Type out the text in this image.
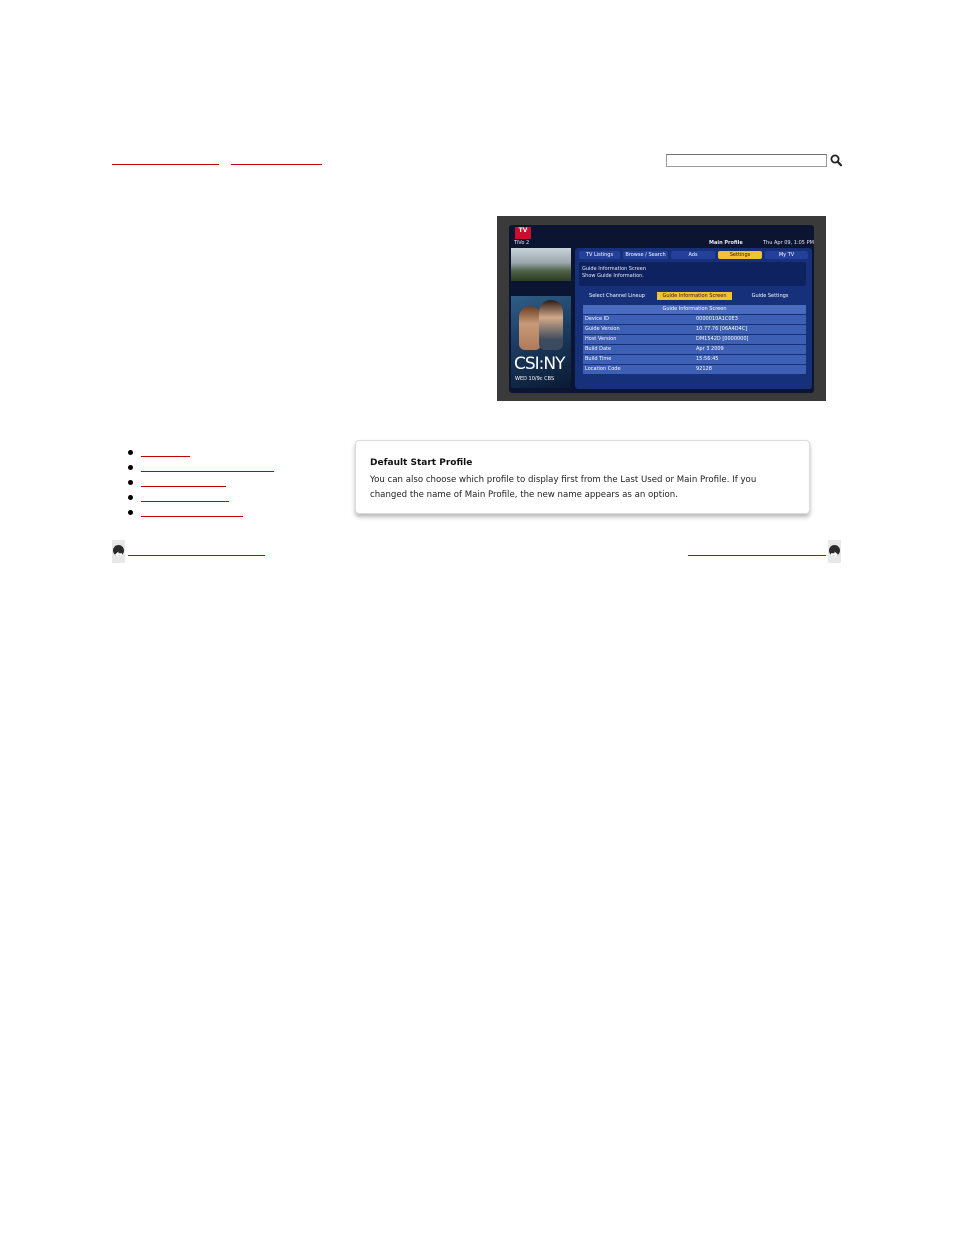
TV
TiVo 2	Main Profile	Thu Apr 09, 1:05 PM
CSI:NY
WED 10/9c CBS
TV Listings	Browse / Search	Ads	Settings	My TV
Guide Information Screen
Show Guide Information.
Select Channel Lineup	Guide Information Screen	Guide Settings
Guide Information Screen
Device ID	0000010A1C0E3
Guide Version	10.77.76 [06A4D4C]
Host Version	DM1542D [0000000]
Build Date	Apr 3 2009
Build Time	15:56:45
Location Code	92128
Default Start Profile
You can also choose which profile to display first from the Last Used or Main Profile. If you changed the name of Main Profile, the new name appears as an option.
